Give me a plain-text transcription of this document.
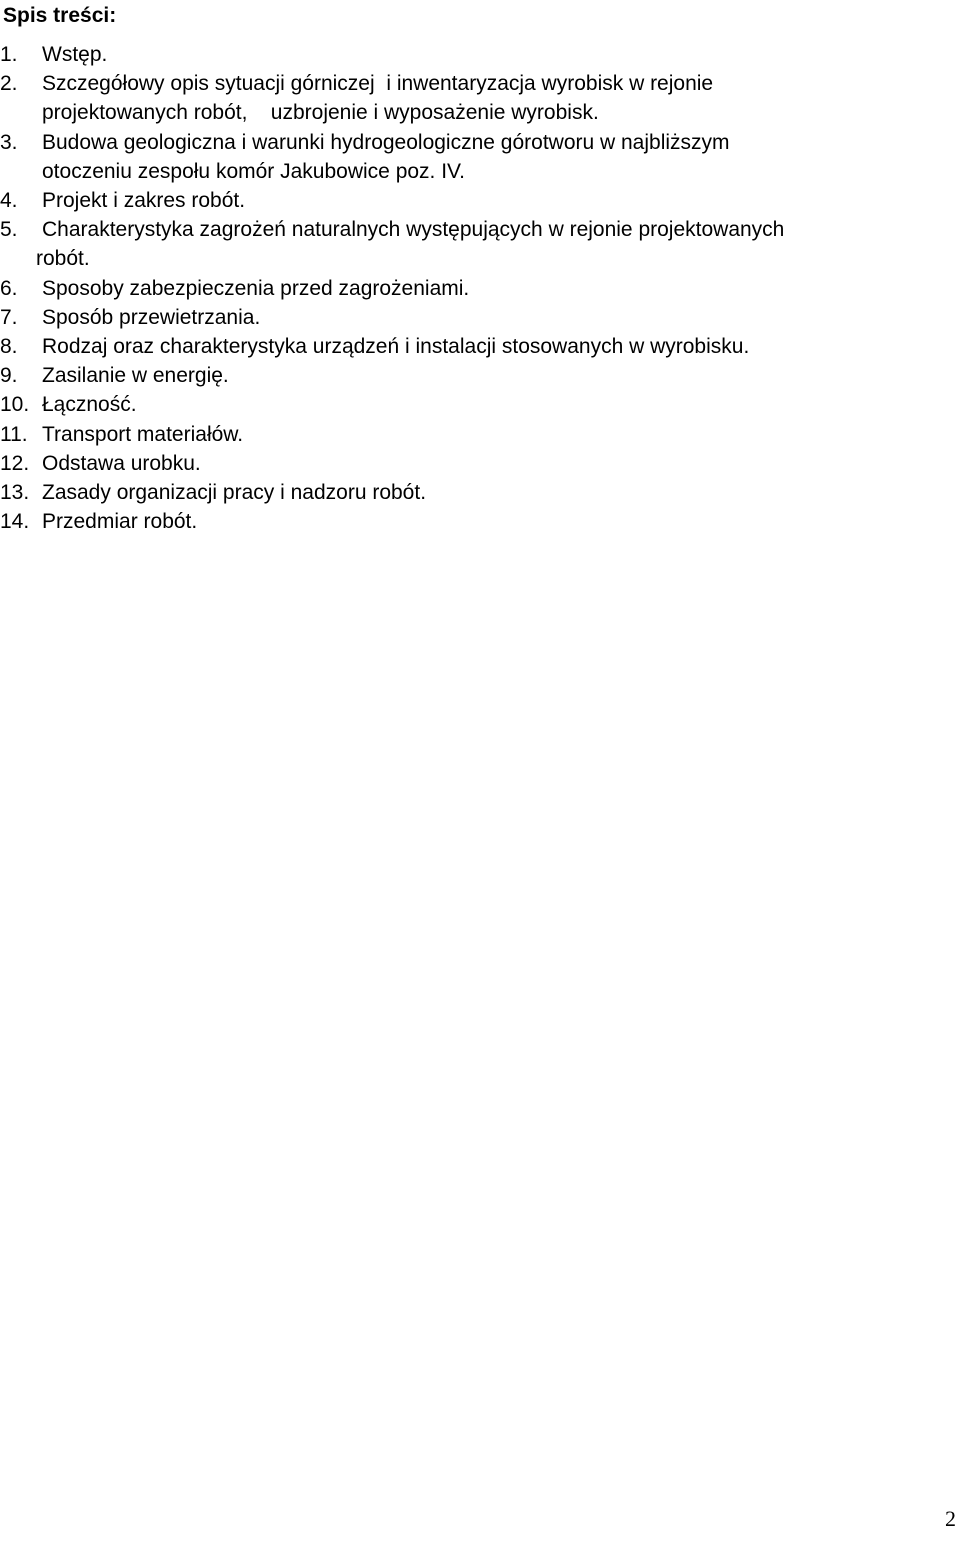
Spis treści:
1.	Wstęp.
2.	Szczegółowy opis sytuacji górniczej  i inwentaryzacja wyrobisk w rejonie
projektowanych robót,    uzbrojenie i wyposażenie wyrobisk.
3.	Budowa geologiczna i warunki hydrogeologiczne górotworu w najbliższym
otoczeniu zespołu komór Jakubowice poz. IV.
4.	Projekt i zakres robót.
5.	Charakterystyka zagrożeń naturalnych występujących w rejonie projektowanych
robót.
6.	Sposoby zabezpieczenia przed zagrożeniami.
7.	Sposób przewietrzania.
8.	Rodzaj oraz charakterystyka urządzeń i instalacji stosowanych w wyrobisku.
9.	Zasilanie w energię.
10. Łączność.
11. Transport materiałów.
12. Odstawa urobku.
13. Zasady organizacji pracy i nadzoru robót.
14. Przedmiar robót.
2
